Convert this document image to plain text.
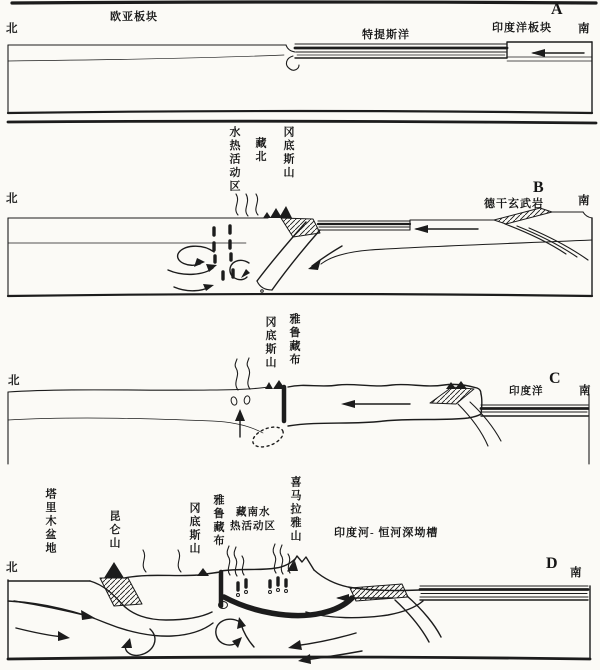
北
欧亚板块
特提斯洋
印度洋板块
A
南
水热活动区 藏北 冈底斯山
北
B
德干玄武岩	南
冈底斯山 雅鲁藏布
北
印度洋
C
南
塔里木盆地	昆仑山	冈底斯山 雅鲁藏布 藏南水
热活动区 喜马拉雅山	印度河- 恒河深坳槽
北	D
南
